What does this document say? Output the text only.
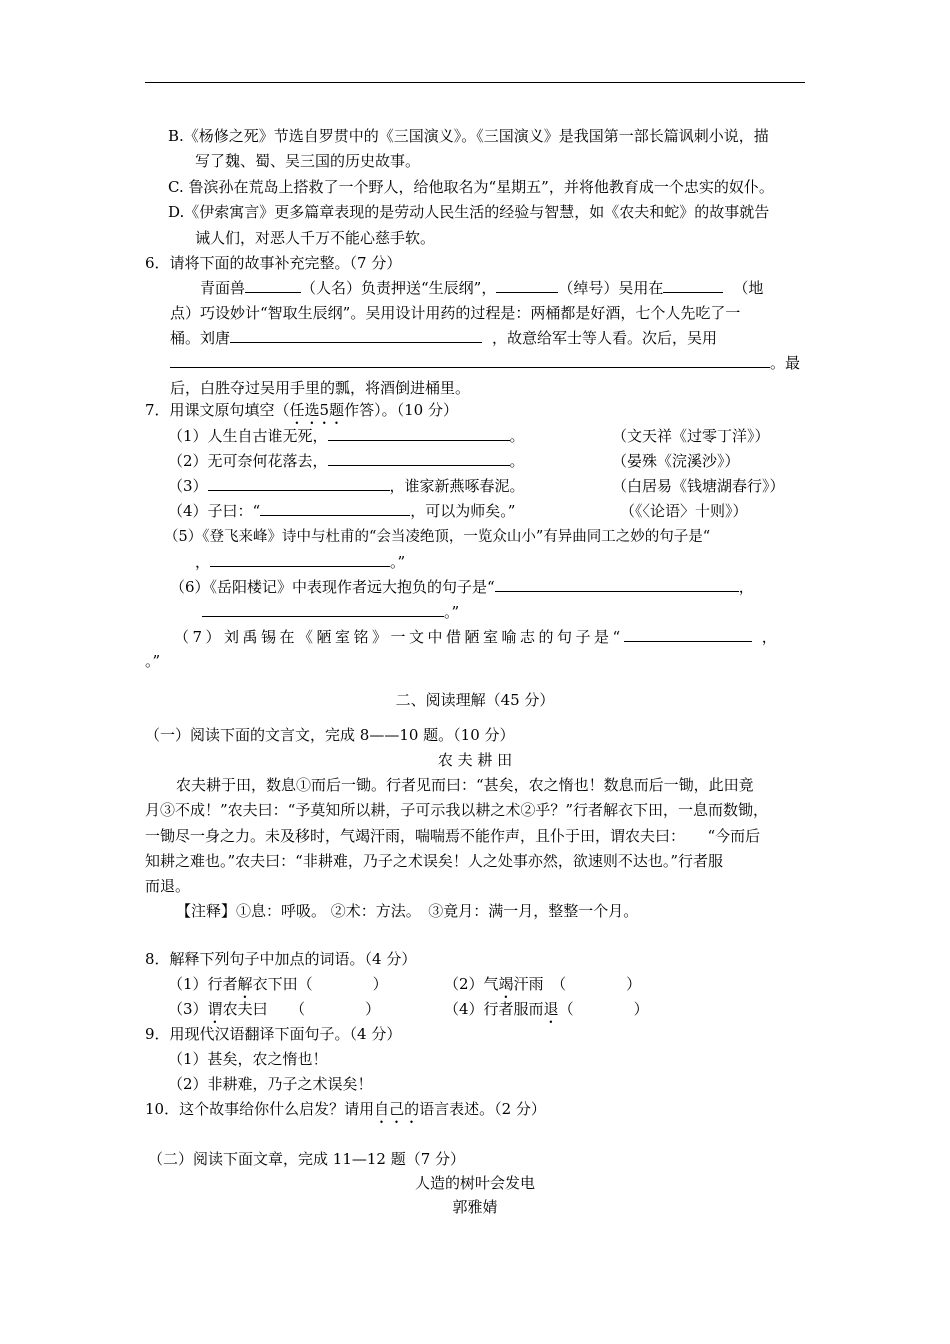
B.《杨修之死》节选自罗贯中的《三国演义》。《三国演义》是我国第一部长篇讽刺小说，描
写了魏、蜀、吴三国的历史故事。
C. 鲁滨孙在荒岛上搭救了一个野人，给他取名为“星期五”，并将他教育成一个忠实的奴仆。
D.《伊索寓言》更多篇章表现的是劳动人民生活的经验与智慧，如《农夫和蛇》的故事就告
诫人们，对恶人千万不能心慈手软。
6．请将下面的故事补充完整。（7 分）
青面兽	（人名）负责押送“生辰纲”，	（绰号）吴用在	（地
点）巧设妙计“智取生辰纲”。吴用设计用药的过程是：两桶都是好酒，七个人先吃了一
桶。刘唐	，故意给军士等人看。次后，吴用
。最
后，白胜夺过吴用手里的瓢，将酒倒进桶里。
7．用课文原句填空（任选5题作答）。（10 分）
（1）人生自古谁无死，	。	（文天祥《过零丁洋》）
（2）无可奈何花落去，	。	（晏殊《浣溪沙》）
（3）	，谁家新燕啄春泥。	（白居易《钱塘湖春行》）
（4）子曰：“	，可以为师矣。”	（《〈论语〉十则》）
（5）《登飞来峰》诗中与杜甫的“会当凌绝顶，一览众山小”有异曲同工之妙的句子是“
，	。”
（6）《岳阳楼记》中表现作者远大抱负的句子是“	，
。”
（7）刘禹锡在《陋室铭》一文中借陋室喻志的句子是“	，
。”
二、阅读理解（45 分）
（一）阅读下面的文言文，完成 8——10 题。（10 分）
农 夫 耕 田
农夫耕于田，数息①而后一锄。行者见而曰：“甚矣，农之惰也！数息而后一锄，此田竟
月③不成！”农夫曰：“予莫知所以耕，子可示我以耕之术②乎？”行者解衣下田，一息而数锄，
一锄尽一身之力。未及移时，气竭汗雨，喘喘焉不能作声，且仆于田，谓农夫曰：　　“今而后
知耕之难也。”农夫曰：“非耕难，乃子之术误矣！人之处事亦然，欲速则不达也。”行者服
而退。
【注释】①息：呼吸。 ②术：方法。　③竟月：满一月，整整一个月。
8．解释下列句子中加点的词语。（4 分）
（1）行者解衣下田（　　　　）	（2）气竭汗雨　（　　　　）
（3）谓农夫曰　　（　　　　）	（4）行者服而退（　　　　）
9．用现代汉语翻译下面句子。（4 分）
（1）甚矣，农之惰也！
（2）非耕难，乃子之术误矣！
10．这个故事给你什么启发？请用自己的语言表述。（2 分）
（二）阅读下面文章，完成 11—12 题（7 分）
人造的树叶会发电
郭雅婧
